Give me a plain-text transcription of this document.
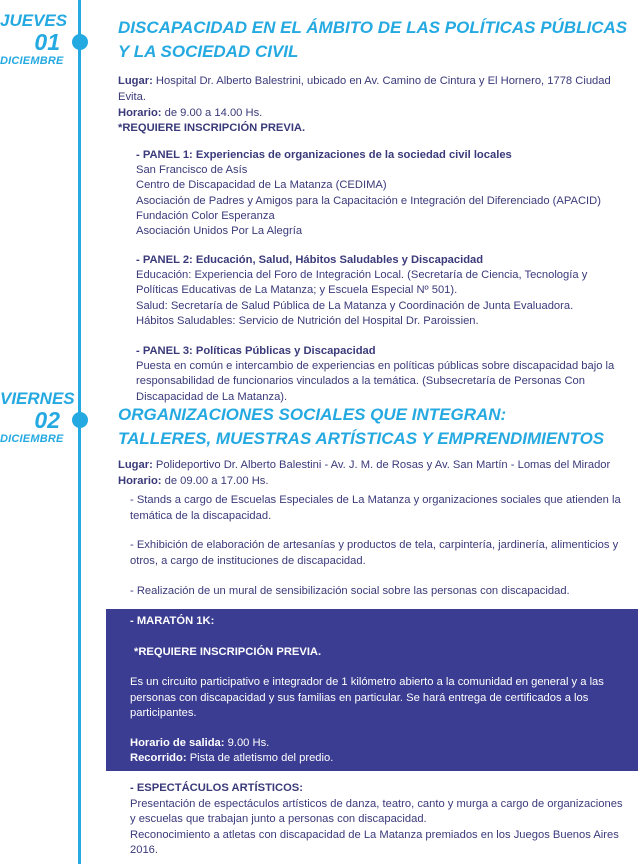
JUEVES
01
DICIEMBRE
VIERNES
02
DICIEMBRE
DISCAPACIDAD EN EL ÁMBITO DE LAS POLÍTICAS PÚBLICAS
Y LA SOCIEDAD CIVIL

Lugar: Hospital Dr. Alberto Balestrini, ubicado en Av. Camino de Cintura y El Hornero, 1778 Ciudad Evita.

Horario: de 9.00 a 14.00 Hs.

*REQUIERE INSCRIPCIÓN PREVIA.

- PANEL 1: Experiencias de organizaciones de la sociedad civil locales
San Francisco de Asís
Centro de Discapacidad de La Matanza (CEDIMA)
Asociación de Padres y Amigos para la Capacitación e Integración del Diferenciado (APACID)
Fundación Color Esperanza
Asociación Unidos Por La Alegría
- PANEL 2: Educación, Salud, Hábitos Saludables y Discapacidad
Educación: Experiencia del Foro de Integración Local. (Secretaría de Ciencia, Tecnología y Políticas Educativas de La Matanza; y Escuela Especial Nº 501).
Salud: Secretaría de Salud Pública de La Matanza y Coordinación de Junta Evaluadora.
Hábitos Saludables: Servicio de Nutrición del Hospital Dr. Paroissien.
- PANEL 3: Políticas Públicas y Discapacidad
Puesta en común e intercambio de experiencias en políticas públicas sobre discapacidad bajo la responsabilidad de funcionarios vinculados a la temática. (Subsecretaría de Personas Con Discapacidad de La Matanza).
ORGANIZACIONES SOCIALES QUE INTEGRAN:
TALLERES, MUESTRAS ARTÍSTICAS Y EMPRENDIMIENTOS

Lugar: Polideportivo Dr. Alberto Balestini - Av. J. M. de Rosas y Av. San Martín - Lomas del Mirador

Horario: de 09.00 a 17.00 Hs.

- Stands a cargo de Escuelas Especiales de La Matanza y organizaciones sociales que atienden la temática de la discapacidad.
- Exhibición de elaboración de artesanías y productos de tela, carpintería, jardinería, alimenticios y otros, a cargo de instituciones de discapacidad.
- Realización de un mural de sensibilización social sobre las personas con discapacidad.
- MARATÓN 1K:
*REQUIERE INSCRIPCIÓN PREVIA.
Es un circuito participativo e integrador de 1 kilómetro abierto a la comunidad en general y a las personas con discapacidad y sus familias en particular. Se hará entrega de certificados a los participantes.
Horario de salida: 9.00 Hs.
Recorrido: Pista de atletismo del predio.
- ESPECTÁCULOS ARTÍSTICOS:
Presentación de espectáculos artísticos de danza, teatro, canto y murga a cargo de organizaciones y escuelas que trabajan junto a personas con discapacidad.
Reconocimiento a atletas con discapacidad de La Matanza premiados en los Juegos Buenos Aires 2016.
